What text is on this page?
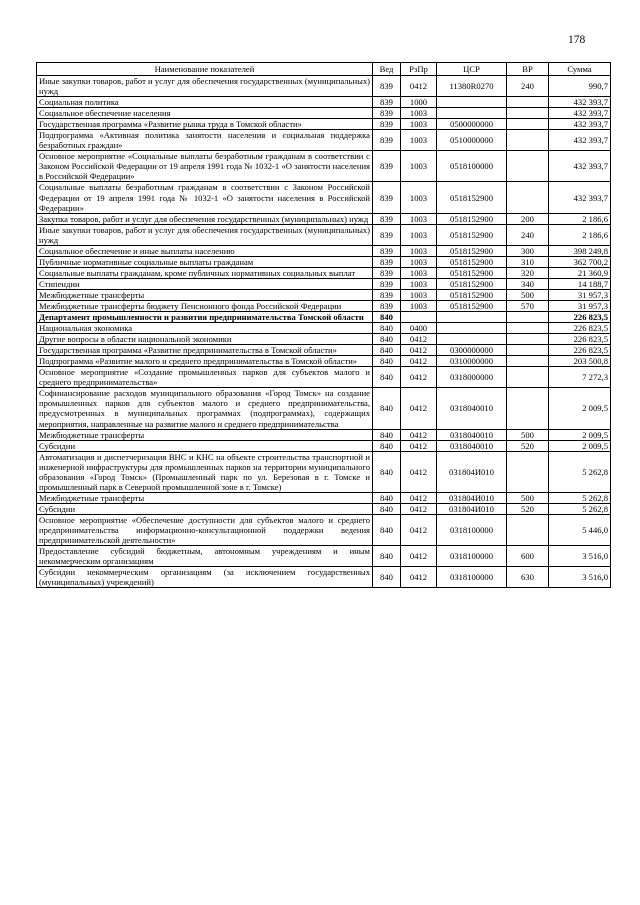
178
Наименование показателей	Вед	РзПр	ЦСР	ВР	Сумма
Иные закупки товаров, работ и услуг для обеспечения государственных (муниципальных) нужд	839	0412	11380R0270	240	990,7
Социальная политика	839	1000			432 393,7
Социальное обеспечение населения	839	1003			432 393,7
Государственная программа «Развитие рынка труда в Томской области»	839	1003	0500000000		432 393,7
Подпрограмма «Активная политика занятости населения и социальная поддержка безработных граждан»	839	1003	0510000000		432 393,7
Основное мероприятие «Социальные выплаты безработным гражданам в соответствии с Законом Российской Федерации от 19 апреля 1991 года № 1032-1 «О занятости населения в Российской Федерации»	839	1003	0518100000		432 393,7
Социальные выплаты безработным гражданам в соответствии с Законом Российской Федерации от 19 апреля 1991 года № 1032-1 «О занятости населения в Российской Федерации»	839	1003	0518152900		432 393,7
Закупка товаров, работ и услуг для обеспечения государственных (муниципальных) нужд	839	1003	0518152900	200	2 186,6
Иные закупки товаров, работ и услуг для обеспечения государственных (муниципальных) нужд	839	1003	0518152900	240	2 186,6
Социальное обеспечение и иные выплаты населению	839	1003	0518152900	300	398 249,8
Публичные нормативные социальные выплаты гражданам	839	1003	0518152900	310	362 700,2
Социальные выплаты гражданам, кроме публичных нормативных социальных выплат	839	1003	0518152900	320	21 360,9
Стипендии	839	1003	0518152900	340	14 188,7
Межбюджетные трансферты	839	1003	0518152900	500	31 957,3
Межбюджетные трансферты бюджету Пенсионного фонда Российской Федерации	839	1003	0518152900	570	31 957,3
Департамент промышленности и развития предпринимательства Томской области	840				226 823,5
Национальная экономика	840	0400			226 823,5
Другие вопросы в области национальной экономики	840	0412			226 823,5
Государственная программа «Развитие предпринимательства в Томской области»	840	0412	0300000000		226 823,5
Подпрограмма «Развитие малого и среднего предпринимательства в Томской области»	840	0412	0310000000		203 500,8
Основное мероприятие «Создание промышленных парков для субъектов малого и среднего предпринимательства»	840	0412	0318000000		7 272,3
Софинансирование расходов муниципального образования «Город Томск» на создание промышленных парков для субъектов малого и среднего предпринимательства, предусмотренных в муниципальных программах (подпрограммах), содержащих мероприятия, направленные на развитие малого и среднего предпринимательства	840	0412	0318040010		2 009,5
Межбюджетные трансферты	840	0412	0318040010	500	2 009,5
Субсидии	840	0412	0318040010	520	2 009,5
Автоматизация и диспетчеризация ВНС и КНС на объекте строительства транспортной и инженерной инфраструктуры для промышленных парков на территории муниципального образования «Город Томск» (Промышленный парк по ул. Березовая в г. Томске и промышленный парк в Северной промышленной зоне в г. Томске)	840	0412	031804И010		5 262,8
Межбюджетные трансферты	840	0412	031804И010	500	5 262,8
Субсидии	840	0412	031804И010	520	5 262,8
Основное мероприятие «Обеспечение доступности для субъектов малого и среднего предпринимательства информационно-консультационной поддержки ведения предпринимательской деятельности»	840	0412	0318100000		5 446,0
Предоставление субсидий бюджетным, автономным учреждениям и иным некоммерческим организациям	840	0412	0318100000	600	3 516,0
Субсидии некоммерческим организациям (за исключением государственных (муниципальных) учреждений)	840	0412	0318100000	630	3 516,0
